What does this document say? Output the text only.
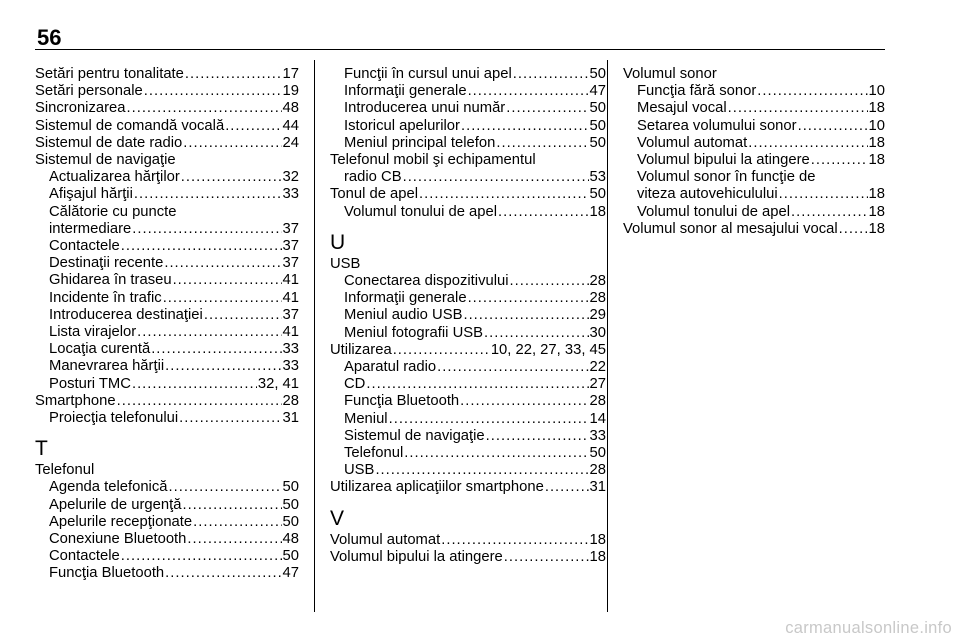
56
Setări pentru tonalitate .....	17
Setări personale .....	19
Sincronizarea .....	48
Sistemul de comandă vocală .....	44
Sistemul de date radio .....	24
Sistemul de navigaţie
Actualizarea hărţilor .....	32
Afişajul hărţii .....	33
Călătorie cu puncte
intermediare .....	37
Contactele .....	37
Destinaţii recente .....	37
Ghidarea în traseu .....	41
Incidente în trafic .....	41
Introducerea destinaţiei .....	37
Lista virajelor .....	41
Locaţia curentă .....	33
Manevrarea hărţii .....	33
Posturi TMC .....	32, 41
Smartphone .....	28
Proiecţia telefonului .....	31
T
Telefonul
Agenda telefonică .....	50
Apelurile de urgenţă .....	50
Apelurile recepţionate .....	50
Conexiune Bluetooth .....	48
Contactele .....	50
Funcţia Bluetooth .....	47
Funcţii în cursul unui apel .....	50
Informaţii generale .....	47
Introducerea unui număr .....	50
Istoricul apelurilor .....	50
Meniul principal telefon .....	50
Telefonul mobil şi echipamentul
radio CB .....	53
Tonul de apel .....	50
Volumul tonului de apel .....	18
U
USB
Conectarea dispozitivului .....	28
Informaţii generale .....	28
Meniul audio USB .....	29
Meniul fotografii USB .....	30
Utilizarea .....	10, 22, 27, 33, 45
Aparatul radio .....	22
CD .....	27
Funcţia Bluetooth .....	28
Meniul .....	14
Sistemul de navigaţie .....	33
Telefonul .....	50
USB .....	28
Utilizarea aplicaţiilor smartphone .....	31
V
Volumul automat .....	18
Volumul bipului la atingere .....	18
Volumul sonor
Funcţia fără sonor .....	10
Mesajul vocal .....	18
Setarea volumului sonor .....	10
Volumul automat .....	18
Volumul bipului la atingere .....	18
Volumul sonor în funcţie de
viteza autovehiculului .....	18
Volumul tonului de apel .....	18
Volumul sonor al mesajului vocal ..... 18
carmanualsonline.info
